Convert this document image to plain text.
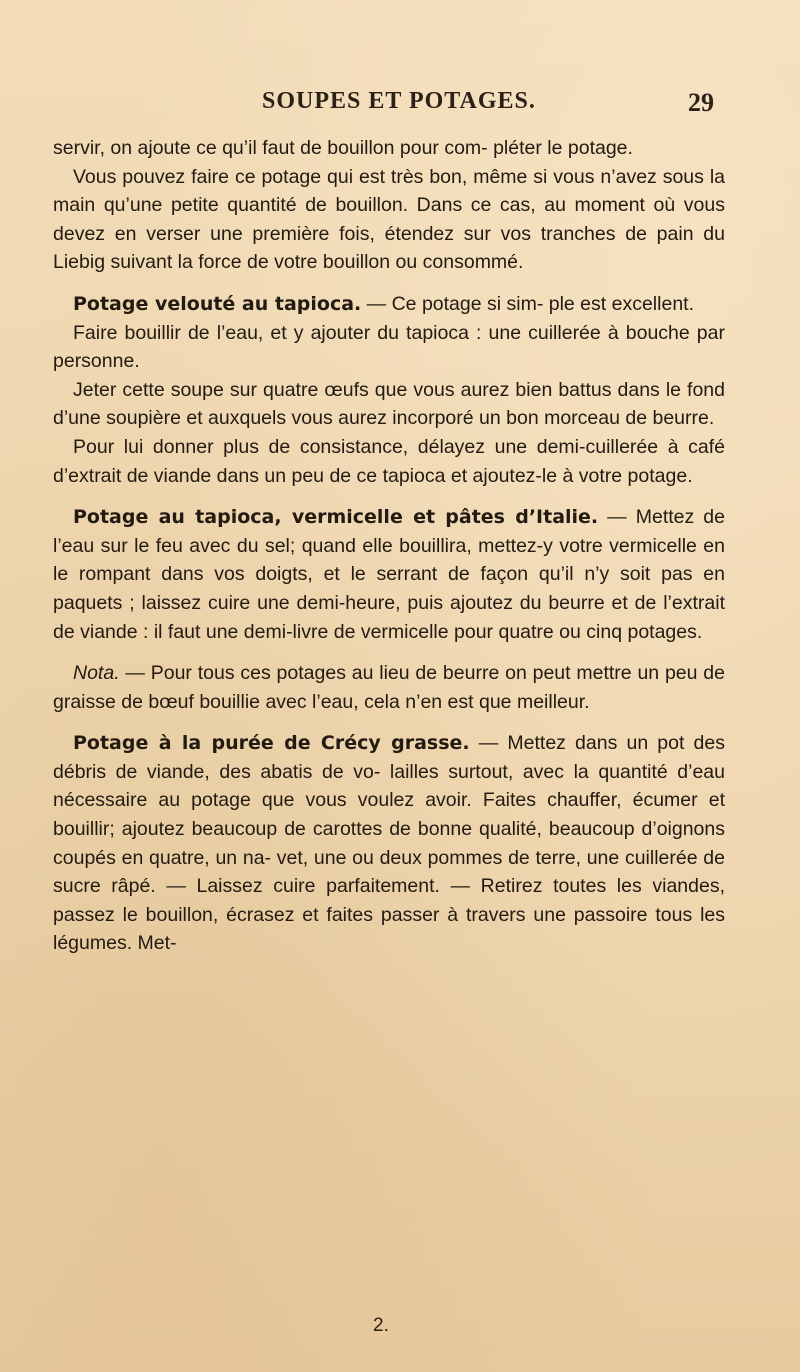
SOUPES ET POTAGES.	29

servir, on ajoute ce qu’il faut de bouillon pour com- pléter le potage.

Vous pouvez faire ce potage qui est très bon, même si vous n’avez sous la main qu’une petite quantité de bouillon. Dans ce cas, au moment où vous devez en verser une première fois, étendez sur vos tranches de pain du Liebig suivant la force de votre bouillon ou consommé.

Potage velouté au tapioca. — Ce potage si sim- ple est excellent.

Faire bouillir de l’eau, et y ajouter du tapioca : une cuillerée à bouche par personne.

Jeter cette soupe sur quatre œufs que vous aurez bien battus dans le fond d’une soupière et auxquels vous aurez incorporé un bon morceau de beurre.

Pour lui donner plus de consistance, délayez une demi-cuillerée à café d’extrait de viande dans un peu de ce tapioca et ajoutez-le à votre potage.

Potage au tapioca, vermicelle et pâtes d’Italie. — Mettez de l’eau sur le feu avec du sel; quand elle bouillira, mettez-y votre vermicelle en le rompant dans vos doigts, et le serrant de façon qu’il n’y soit pas en paquets ; laissez cuire une demi-heure, puis ajoutez du beurre et de l’extrait de viande : il faut une demi-livre de vermicelle pour quatre ou cinq potages.

Nota. — Pour tous ces potages au lieu de beurre on peut mettre un peu de graisse de bœuf bouillie avec l’eau, cela n’en est que meilleur.

Potage à la purée de Crécy grasse. — Mettez dans un pot des débris de viande, des abatis de vo- lailles surtout, avec la quantité d’eau nécessaire au potage que vous voulez avoir. Faites chauffer, écumer et bouillir; ajoutez beaucoup de carottes de bonne qualité, beaucoup d’oignons coupés en quatre, un na- vet, une ou deux pommes de terre, une cuillerée de sucre râpé. — Laissez cuire parfaitement. — Retirez toutes les viandes, passez le bouillon, écrasez et faites passer à travers une passoire tous les légumes. Met-

2.
